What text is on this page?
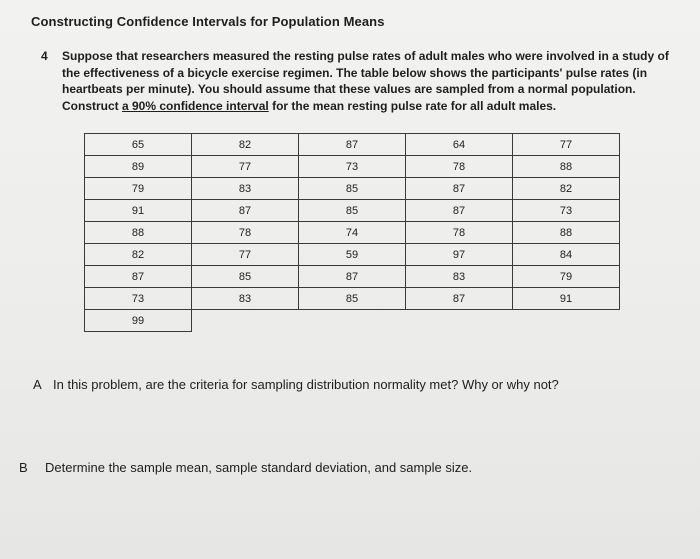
Constructing Confidence Intervals for Population Means
4 Suppose that researchers measured the resting pulse rates of adult males who were involved in a study of the effectiveness of a bicycle exercise regimen. The table below shows the participants' pulse rates (in heartbeats per minute). You should assume that these values are sampled from a normal population. Construct a 90% confidence interval for the mean resting pulse rate for all adult males.
65	82	87	64	77
89	77	73	78	88
79	83	85	87	82
91	87	85	87	73
88	78	74	78	88
82	77	59	97	84
87	85	87	83	79
73	83	85	87	91
99				
A In this problem, are the criteria for sampling distribution normality met? Why or why not?
B Determine the sample mean, sample standard deviation, and sample size.
